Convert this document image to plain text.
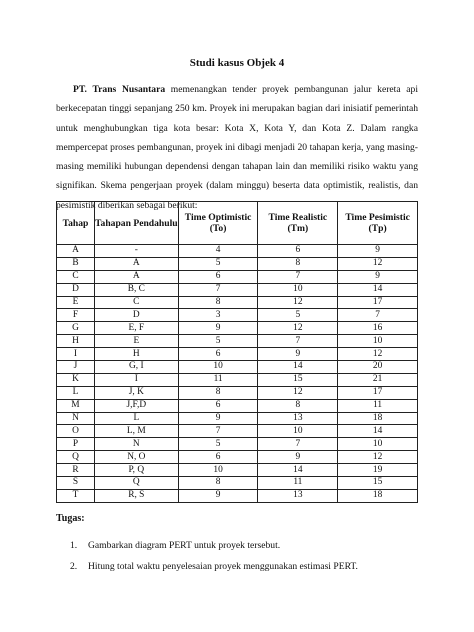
Studi kasus Objek 4
PT. Trans Nusantara memenangkan tender proyek pembangunan jalur kereta api berkecepatan tinggi sepanjang 250 km. Proyek ini merupakan bagian dari inisiatif pemerintah untuk menghubungkan tiga kota besar: Kota X, Kota Y, dan Kota Z. Dalam rangka mempercepat proses pembangunan, proyek ini dibagi menjadi 20 tahapan kerja, yang masing-masing memiliki hubungan dependensi dengan tahapan lain dan memiliki risiko waktu yang signifikan. Skema pengerjaan proyek (dalam minggu) beserta data optimistik, realistis, dan pesimistik diberikan sebagai berikut:
Tahap	Tahapan Pendahulu	Time Optimistic (To)	Time Realistic (Tm)	Time Pesimistic (Tp)
A	-	4	6	9
B	A	5	8	12
C	A	6	7	9
D	B, C	7	10	14
E	C	8	12	17
F	D	3	5	7
G	E, F	9	12	16
H	E	5	7	10
I	H	6	9	12
J	G, I	10	14	20
K	I	11	15	21
L	J, K	8	12	17
M	J,F,D	6	8	11
N	L	9	13	18
O	L, M	7	10	14
P	N	5	7	10
Q	N, O	6	9	12
R	P, Q	10	14	19
S	Q	8	11	15
T	R, S	9	13	18
Tugas:
1. Gambarkan diagram PERT untuk proyek tersebut.
2. Hitung total waktu penyelesaian proyek menggunakan estimasi PERT.
